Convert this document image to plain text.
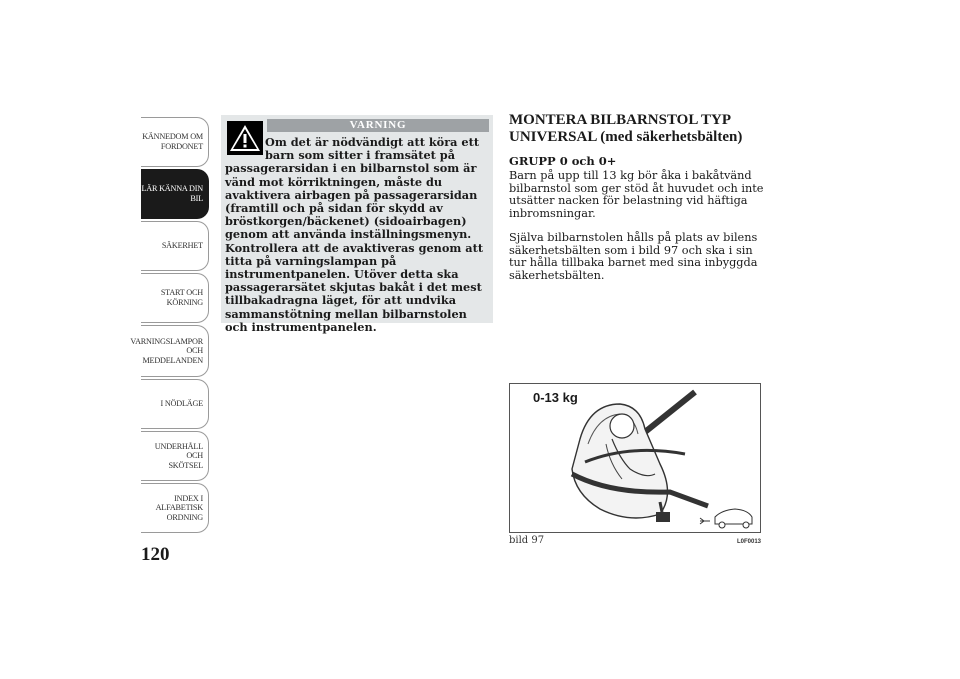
KÄNNEDOM OM
FORDONET
LÄR KÄNNA DIN
BIL
SÄKERHET
START OCH
KÖRNING
VARNINGSLAMPOR
OCH
MEDDELANDEN
I NÖDLÄGE
UNDERHÅLL OCH
SKÖTSEL
INDEX I
ALFABETISK
ORDNING
120
VARNING
Om det är nödvändigt att köra ett
barn som sitter i framsätet på
passagerarsidan i en bilbarnstol som är vänd mot körriktningen, måste du avaktivera airbagen på passagerarsidan (framtill och på sidan för skydd av bröstkorgen/bäckenet) (sidoairbagen) genom att använda inställningsmenyn. Kontrollera att de avaktiveras genom att titta på varningslampan på instrumentpanelen. Utöver detta ska passagerarsätet skjutas bakåt i det mest tillbakadragna läget, för att undvika sammanstötning mellan bilbarnstolen och instrumentpanelen.
MONTERA BILBARNSTOL TYP
UNIVERSAL (med säkerhetsbälten)
GRUPP 0 och 0+
Barn på upp till 13 kg bör åka i bakåtvänd bilbarnstol som ger stöd åt huvudet och inte utsätter nacken för belastning vid häftiga inbromsningar.
Själva bilbarnstolen hålls på plats av bilens säkerhetsbälten som i bild 97 och ska i sin tur hålla tillbaka barnet med sina inbyggda säkerhetsbälten.
0-13 kg
bild 97	L0F0013
